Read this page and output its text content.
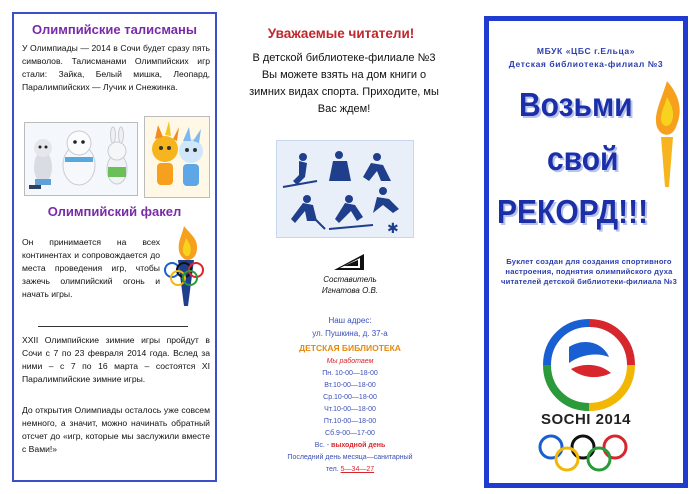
Олимпийские талисманы
У Олимпиады — 2014 в Сочи будет сразу пять символов. Талисманами Олимпийских игр стали: Зайка, Белый мишка, Леопард, Паралимпийских — Лучик и Снежинка.
Олимпийский факел
Он принимается на всех континентах и сопровождается до места проведения игр, чтобы зажечь олимпийский огонь и начать игры.
XXII Олимпийские зимние игры пройдут в Сочи с 7 по 23 февраля 2014 года. Вслед за ними – с 7 по 16 марта – состоятся XI Паралимпийские зимние игры.
До открытия Олимпиады осталось уже совсем немного, а значит, можно начинать обратный отсчет до «игр, которые мы заслужили вместе с Вами!»
Уважаемые читатели!
В детской библиотеке-филиале №3 Вы можете взять на дом книги о зимних видах спорта. Приходите, мы Вас ждем!
✱
Составитель
Игнатова О.В.
Наш адрес:
ул. Пушкина, д. 37-а
ДЕТСКАЯ БИБЛИОТЕКА
Мы работаем
Пн. 10-00—18-00
Вт.10-00—18-00
Ср.10-00—18-00
Чт.10-00—18-00
Пт.10-00—18-00
Сб.9-00—17-00
Вс. - выходной день
Последний день месяца—санитарный
тел. 5—34—27
МБУК «ЦБС г.Ельца»
Детская библиотека-филиал №3
Возьми
свой
РЕКОРД!!!
Буклет создан для создания спортивного настроения, поднятия олимпийского духа читателей детской библиотеки-филиала №3
SOCHI 2014
